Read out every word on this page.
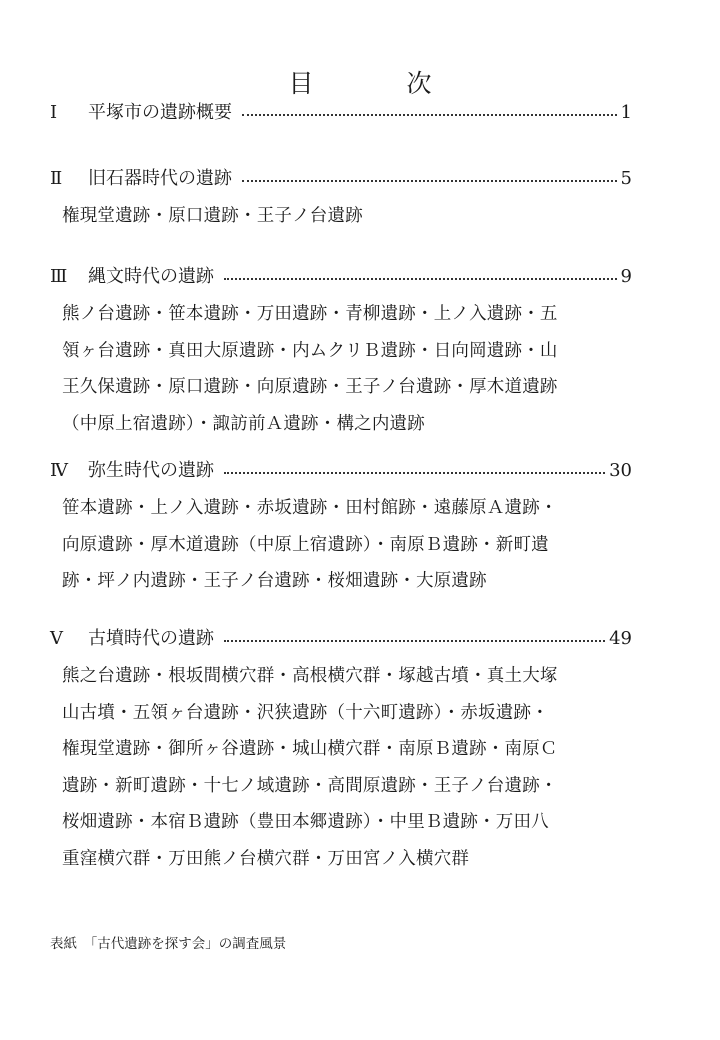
目　次
Ⅰ	平塚市の遺跡概要	1
Ⅱ	旧石器時代の遺跡	5
権現堂遺跡・原口遺跡・王子ノ台遺跡
Ⅲ	縄文時代の遺跡	9
熊ノ台遺跡・笹本遺跡・万田遺跡・青柳遺跡・上ノ入遺跡・五
領ヶ台遺跡・真田大原遺跡・内ムクリＢ遺跡・日向岡遺跡・山
王久保遺跡・原口遺跡・向原遺跡・王子ノ台遺跡・厚木道遺跡
（中原上宿遺跡）・諏訪前Ａ遺跡・構之内遺跡
Ⅳ	弥生時代の遺跡	30
笹本遺跡・上ノ入遺跡・赤坂遺跡・田村館跡・遠藤原Ａ遺跡・
向原遺跡・厚木道遺跡（中原上宿遺跡）・南原Ｂ遺跡・新町遺
跡・坪ノ内遺跡・王子ノ台遺跡・桜畑遺跡・大原遺跡
Ⅴ	古墳時代の遺跡	49
熊之台遺跡・根坂間横穴群・高根横穴群・塚越古墳・真土大塚
山古墳・五領ヶ台遺跡・沢狭遺跡（十六町遺跡）・赤坂遺跡・
権現堂遺跡・御所ヶ谷遺跡・城山横穴群・南原Ｂ遺跡・南原Ｃ
遺跡・新町遺跡・十七ノ域遺跡・高間原遺跡・王子ノ台遺跡・
桜畑遺跡・本宿Ｂ遺跡（豊田本郷遺跡）・中里Ｂ遺跡・万田八
重窪横穴群・万田熊ノ台横穴群・万田宮ノ入横穴群
表紙　「古代遺跡を探す会」の調査風景
